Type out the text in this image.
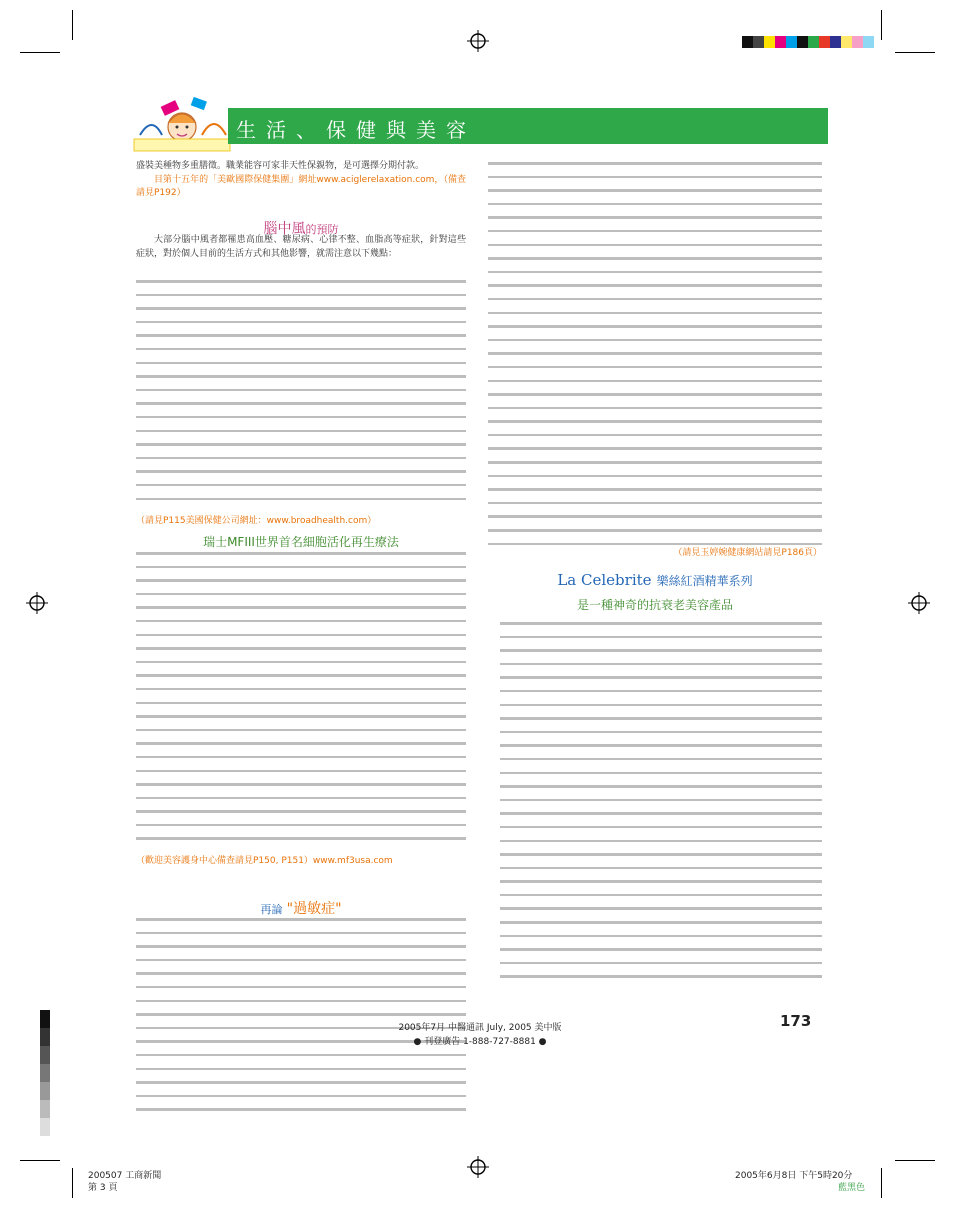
生活、保健與美容

盛裝美種物多重膳徵。職業能容可家非天性保親物，是可選擇分期付款。

目第十五年的「美歐國際保健集團」網址www.aciglerelaxation.com，（備查請見P192）

腦中風的預防

大部分腦中風者都罹患高血壓、糖尿病、心律不整、血脂高等症狀，針對這些症狀，對於個人目前的生活方式和其他影響，就需注意以下幾點：

（請見P115美國保健公司網址：www.broadhealth.com）

瑞士MFIII世界首名細胞活化再生療法

（歡迎美容護身中心備查請見P150, P151）www.mf3usa.com

再論 "過敏症"

（請見玉婷婉健康網站請見P186頁）

La Celebrite 樂絲紅酒精華系列
是一種神奇的抗衰老美容產品
173
2005年7月 中醫通訊 July, 2005 美中版
● 刊登廣告 1-888-727-8881 ●
200507 工商新聞
第 3 頁
2005年6月8日 下午5時20分
藍黑色
